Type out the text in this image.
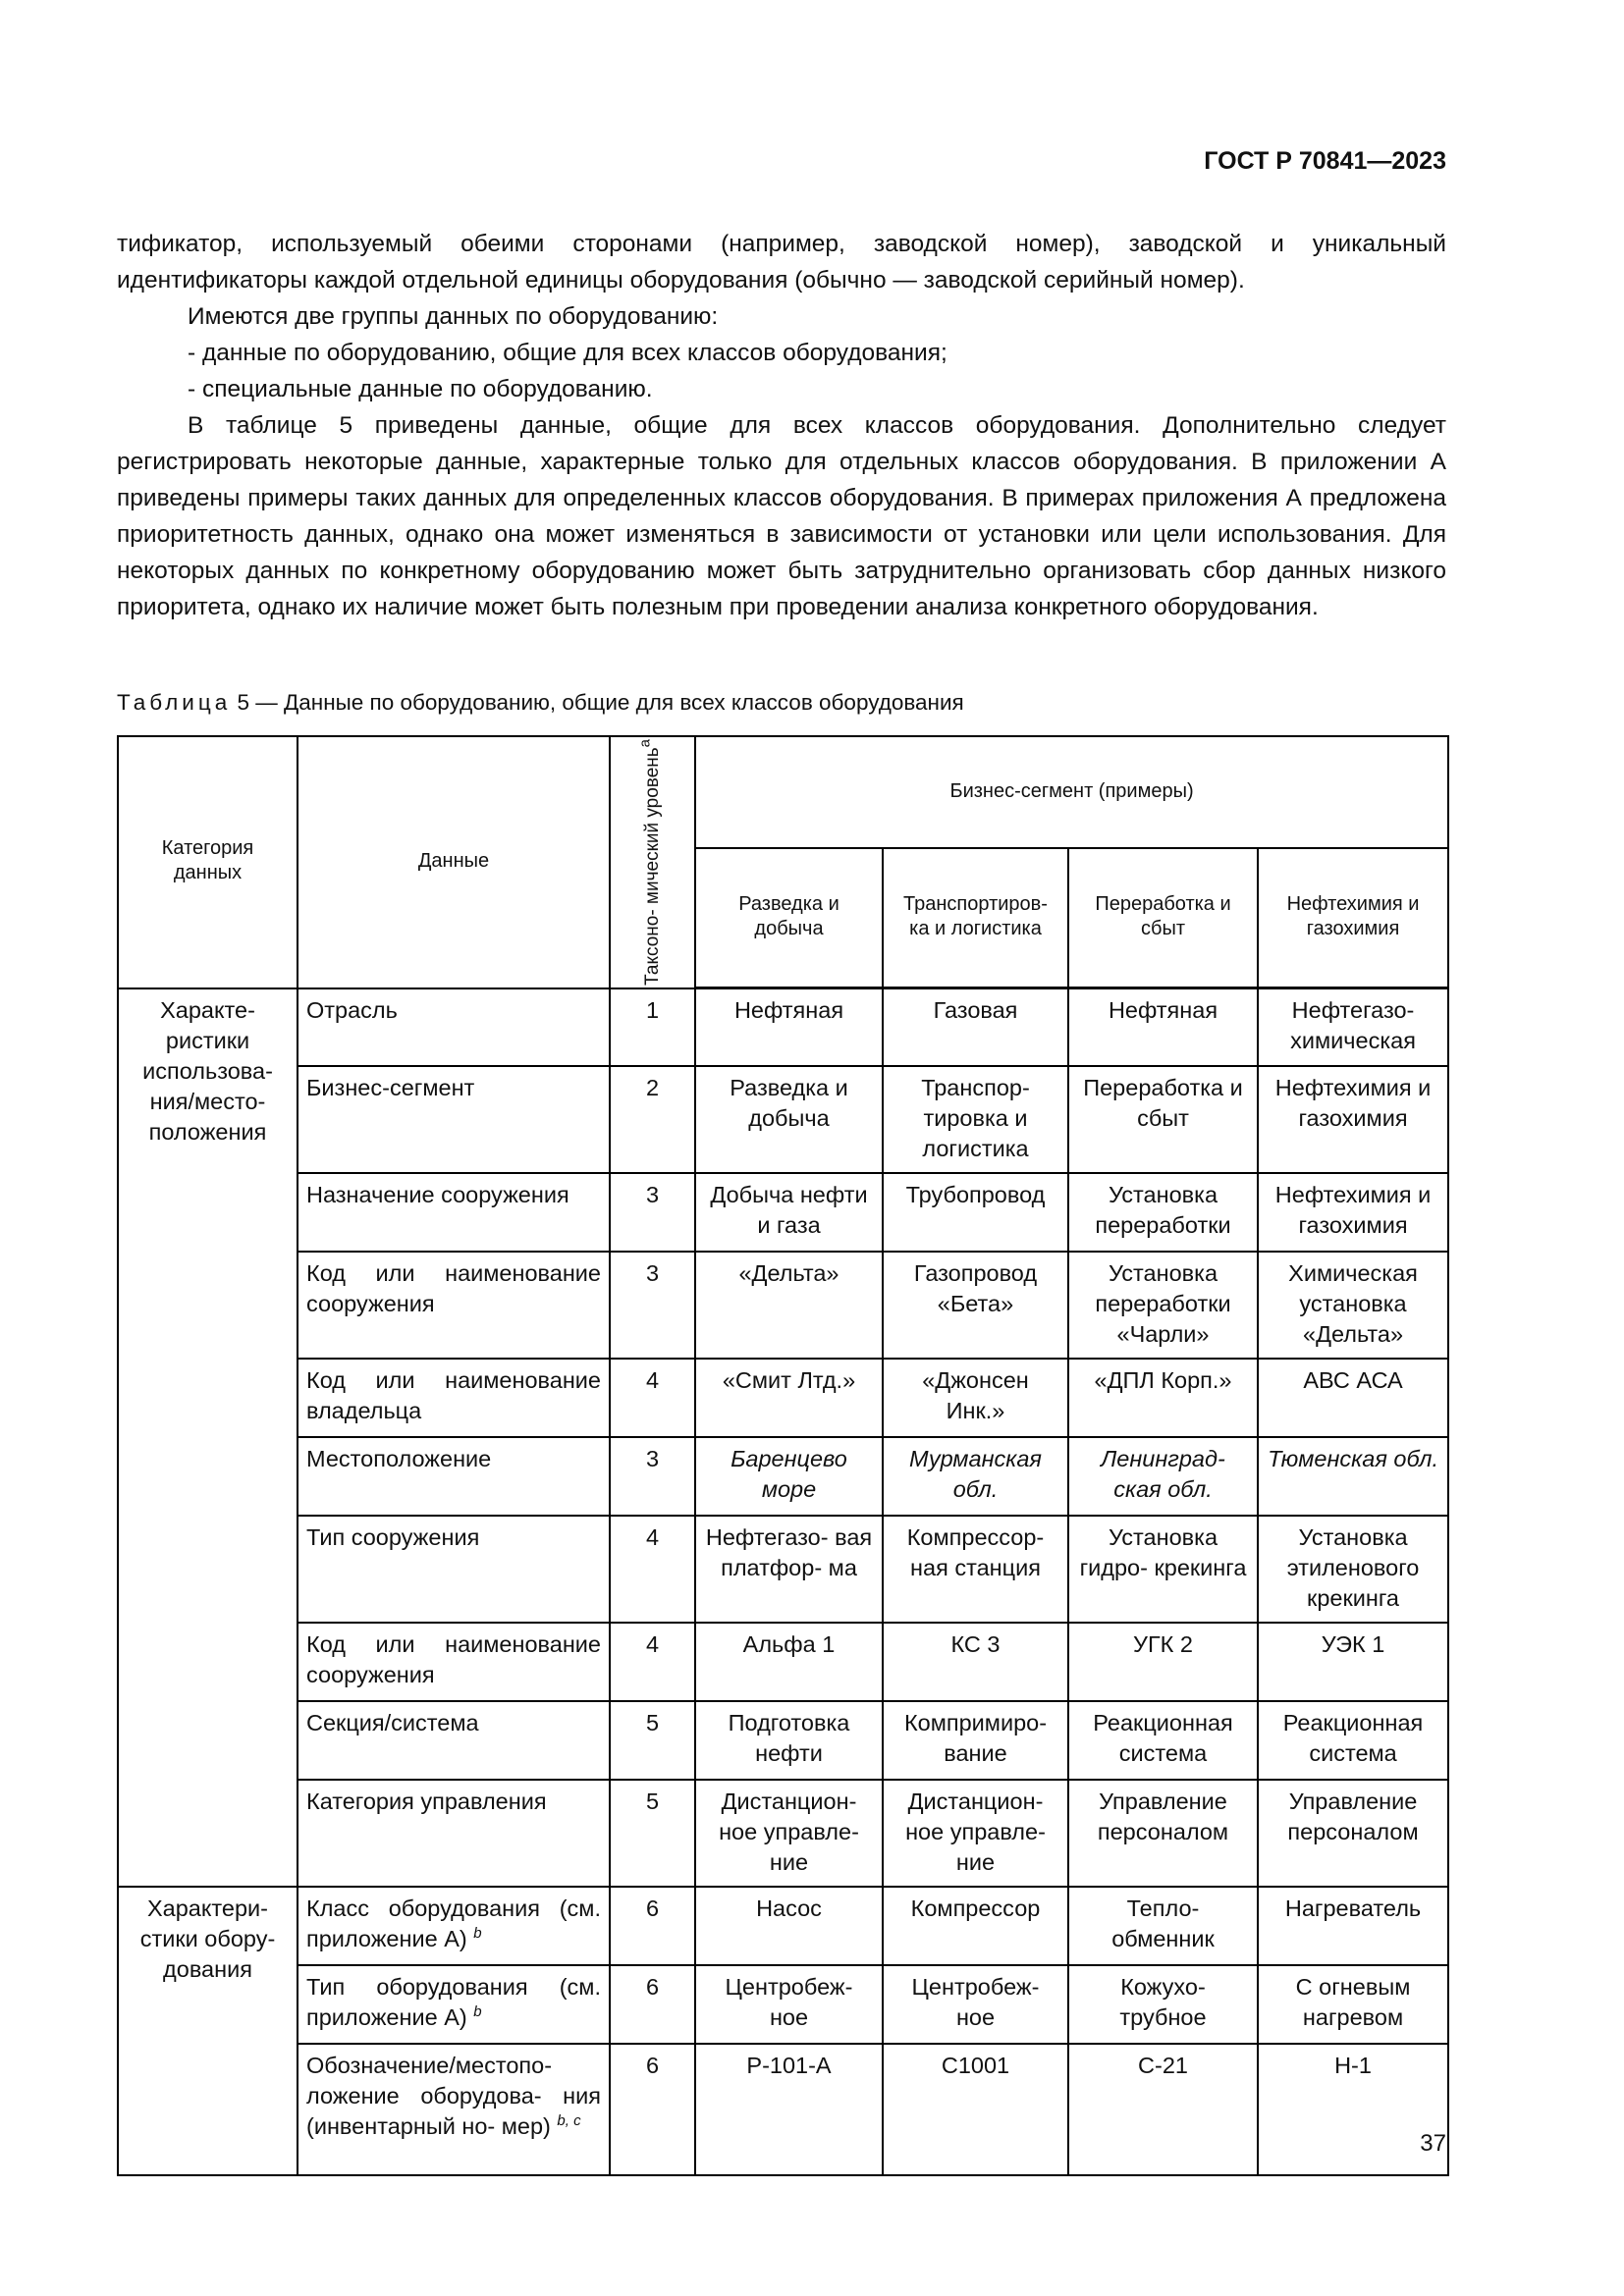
ГОСТ Р 70841—2023

тификатор, используемый обеими сторонами (например, заводской номер), заводской и уникальный идентификаторы каждой отдельной единицы оборудования (обычно — заводской серийный номер).

Имеются две группы данных по оборудованию:

- данные по оборудованию, общие для всех классов оборудования;

- специальные данные по оборудованию.

В таблице 5 приведены данные, общие для всех классов оборудования. Дополнительно следует регистрировать некоторые данные, характерные только для отдельных классов оборудования. В приложении А приведены примеры таких данных для определенных классов оборудования. В примерах приложения А предложена приоритетность данных, однако она может изменяться в зависимости от установки или цели использования. Для некоторых данных по конкретному оборудованию может быть затруднительно организовать сбор данных низкого приоритета, однако их наличие может быть полезным при проведении анализа конкретного оборудования.

Таблица 5 — Данные по оборудованию, общие для всех классов оборудования
Категория данных	Данные	Таксоно- мический уровень$^a$	Бизнес-сегмент (примеры)			
			Разведка и добыча	Транспортиров- ка и логистика	Переработка и сбыт	Нефтехимия и газохимия
Характе- ристики использова- ния/место- положения	Отрасль	1	Нефтяная	Газовая	Нефтяная	Нефтегазо- химическая
	Бизнес-сегмент	2	Разведка и добыча	Транспор- тировка и логистика	Переработка и сбыт	Нефтехимия и газохимия
	Назначение сооружения	3	Добыча нефти и газа	Трубопровод	Установка переработки	Нефтехимия и газохимия
	Код или наименование сооружения	3	«Дельта»	Газопровод «Бета»	Установка переработки «Чарли»	Химическая установка «Дельта»
	Код или наименование владельца	4	«Смит Лтд.»	«Джонсен Инк.»	«ДПЛ Корп.»	АВС АСА
	Местоположение	3	Баренцево море	Мурманская обл.	Ленинград- ская обл.	Тюменская обл.
	Тип сооружения	4	Нефтегазо- вая платфор- ма	Компрессор- ная станция	Установка гидро- крекинга	Установка этиленового крекинга
	Код или наименование сооружения	4	Альфа 1	КС 3	УГК 2	УЭК 1
	Секция/система	5	Подготовка нефти	Компримиро- вание	Реакционная система	Реакционная система
	Категория управления	5	Дистанцион- ное управле- ние	Дистанцион- ное управле- ние	Управление персоналом	Управление персоналом
Характери- стики обору- дования	Класс оборудования (см. приложение А) $^b$	6	Насос	Компрессор	Тепло- обменник	Нагреватель
	Тип оборудования (см. приложение А) $^b$	6	Центробеж- ное	Центробеж- ное	Кожухо- трубное	С огневым нагревом
	Обозначение/местопо- ложение оборудова- ния (инвентарный но- мер) $^{b, c}$	6	Р-101-А	С1001	С-21	Н-1
37
